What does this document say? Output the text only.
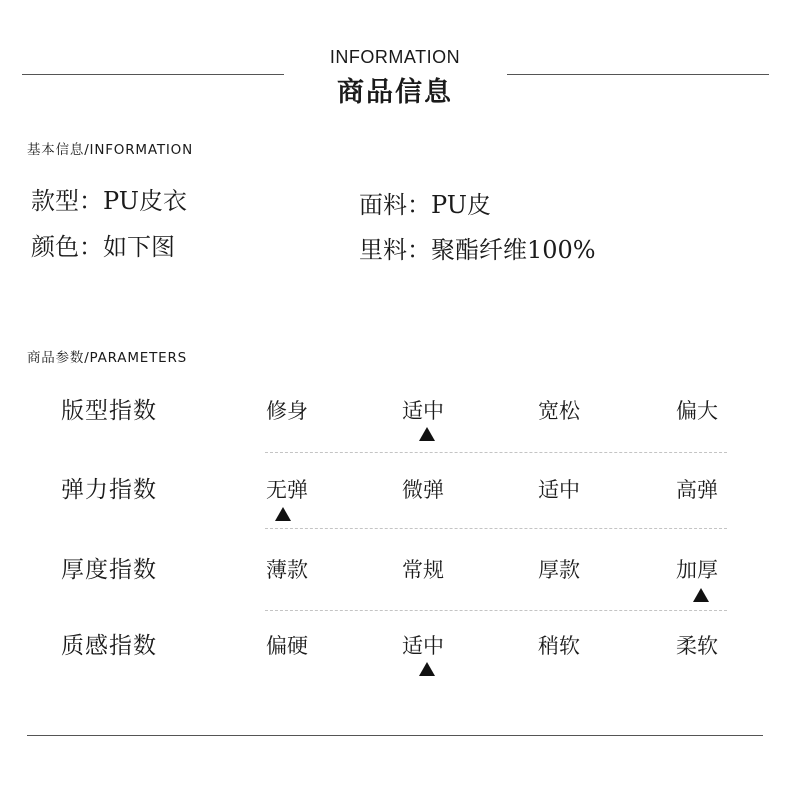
INFORMATION
商品信息
基本信息/INFORMATION
款型：PU皮衣	面料：PU皮
颜色：如下图	里料：聚酯纤维100%
商品参数/PARAMETERS
版型指数	修身	适中	宽松	偏大
弹力指数	无弹	微弹	适中	高弹
厚度指数	薄款	常规	厚款	加厚
质感指数	偏硬	适中	稍软	柔软
